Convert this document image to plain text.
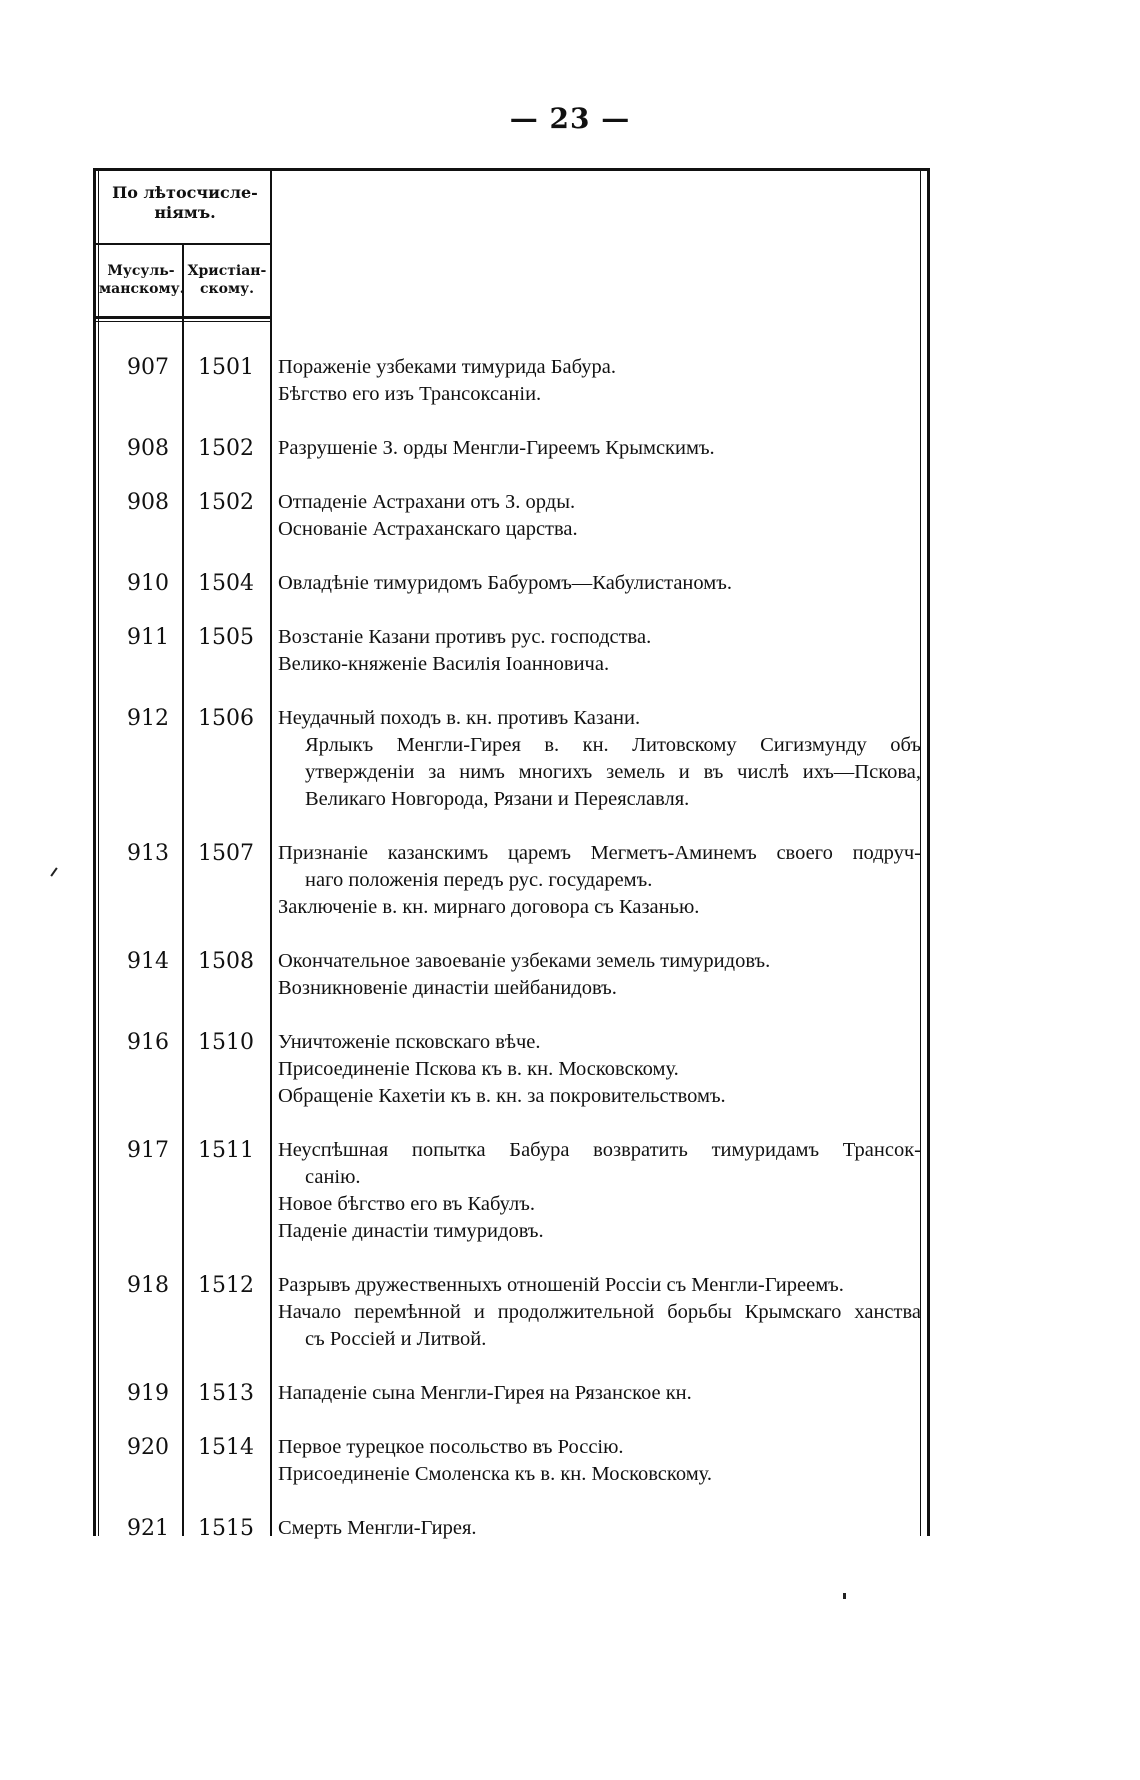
— 23 —
По лѣтосчисле-
ніямъ.
Мусуль-
манскому.
Христіан-
скому.
907	1501 Пораженіе узбеками тимурида Бабура.
Бѣгство его изъ Трансоксаніи.
908	1502 Разрушеніе З. орды Менгли-Гиреемъ Крымскимъ.
908	1502 Отпаденіе Астрахани отъ З. орды.
Основаніе Астраханскаго царства.
910	1504 Овладѣніе тимуридомъ Бабуромъ—Кабулистаномъ.
911	1505 Возстаніе Казани противъ рус. господства.
Велико-княженіе Василія Іоанновича.
912	1506 Неудачный походъ в. кн. противъ Казани.
Ярлыкъ Менгли-Гирея в. кн. Литовскому Сигизмунду объ
утвержденіи за нимъ многихъ земель и въ числѣ ихъ—Пскова,
Великаго Новгорода, Рязани и Переяславля.
913	1507 Признаніе казанскимъ царемъ Мегметъ-Аминемъ своего подруч-
наго положенія передъ рус. государемъ.
Заключеніе в. кн. мирнаго договора съ Казанью.
914	1508 Окончательное завоеваніе узбеками земель тимуридовъ.
Возникновеніе династіи шейбанидовъ.
916	1510 Уничтоженіе псковскаго вѣче.
Присоединеніе Пскова къ в. кн. Московскому.
Обращеніе Кахетіи къ в. кн. за покровительствомъ.
917	1511 Неуспѣшная попытка Бабура возвратить тимуридамъ Трансок-
санію.
Новое бѣгство его въ Кабулъ.
Паденіе династіи тимуридовъ.
918	1512 Разрывъ дружественныхъ отношеній Россіи съ Менгли-Гиреемъ.
Начало перемѣнной и продолжительной борьбы Крымскаго ханства
съ Россіей и Литвой.
919	1513 Нападеніе сына Менгли-Гирея на Рязанское кн.
920	1514 Первое турецкое посольство въ Россію.
Присоединеніе Смоленска къ в. кн. Московскому.
921	1515 Смерть Менгли-Гирея.
